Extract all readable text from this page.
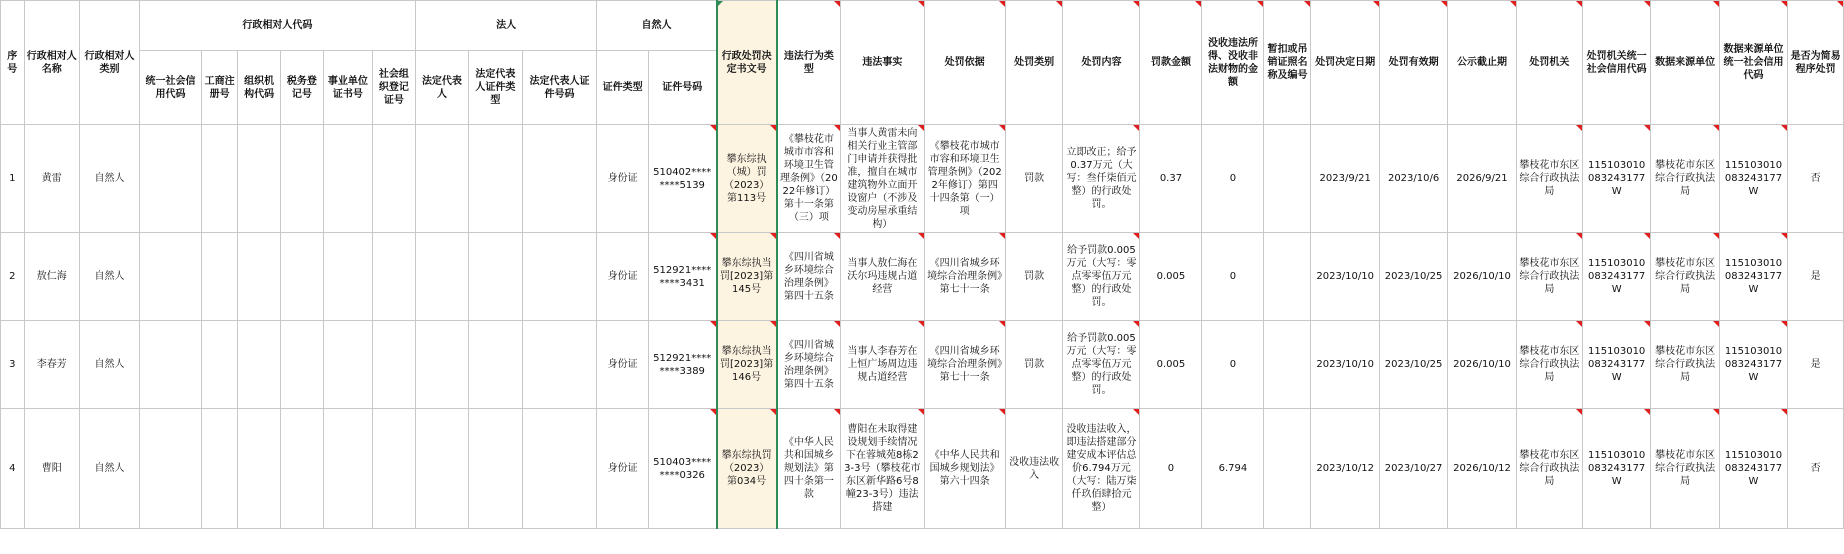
序号	行政相对人名称	行政相对人类别	行政相对人代码						法人			自然人		行政处罚决定书文号	违法行为类型	违法事实	处罚依据	处罚类别	处罚内容	罚款金额	没收违法所得、没收非法财物的金额	暂扣或吊销证照名称及编号	处罚决定日期	处罚有效期	公示截止期	处罚机关	处罚机关统一社会信用代码	数据来源单位	数据来源单位统一社会信用代码	是否为简易程序处罚
			统一社会信用代码	工商注册号	组织机构代码	税务登记号	事业单位证书号	社会组织登记证号	法定代表人	法定代表人证件类型	法定代表人证件号码	证件类型	证件号码																	
1	黄雷	自然人										身份证	510402********5139	攀东综执（城）罚（2023）第113号	《攀枝花市城市市容和环境卫生管理条例》（2022年修订）第十一条第（三）项	当事人黄雷未向相关行业主管部门申请并获得批准，擅自在城市建筑物外立面开设窗户（不涉及变动房屋承重结构）	《攀枝花市城市市容和环境卫生管理条例》（2022年修订）第四十四条第（一）项	罚款	立即改正；给予0.37万元（大写：叁仟柒佰元整）的行政处罚。	0.37	0		2023/9/21	2023/10/6	2026/9/21	攀枝花市东区综合行政执法局	115103010083243177W	攀枝花市东区综合行政执法局	115103010083243177W	否
2	敖仁海	自然人										身份证	512921********3431	攀东综执当罚[2023]第145号	《四川省城乡环境综合治理条例》第四十五条	当事人敖仁海在沃尔玛违规占道经营	《四川省城乡环境综合治理条例》第七十一条	罚款	给予罚款0.005万元（大写：零点零零伍万元整）的行政处罚。	0.005	0		2023/10/10	2023/10/25	2026/10/10	攀枝花市东区综合行政执法局	115103010083243177W	攀枝花市东区综合行政执法局	115103010083243177W	是
3	李春芳	自然人										身份证	512921********3389	攀东综执当罚[2023]第146号	《四川省城乡环境综合治理条例》第四十五条	当事人李春芳在上恒广场周边违规占道经营	《四川省城乡环境综合治理条例》第七十一条	罚款	给予罚款0.005万元（大写：零点零零伍万元整）的行政处罚。	0.005	0		2023/10/10	2023/10/25	2026/10/10	攀枝花市东区综合行政执法局	115103010083243177W	攀枝花市东区综合行政执法局	115103010083243177W	是
4	曹阳	自然人										身份证	510403********0326	攀东综执罚（2023）第034号	《中华人民共和国城乡规划法》第四十条第一款	曹阳在未取得建设规划手续情况下在蓉城苑8栋23-3号（攀枝花市东区新华路6号8幢23-3号）违法搭建	《中华人民共和国城乡规划法》第六十四条	没收违法收入	没收违法收入，即违法搭建部分建安成本评估总价6.794万元（大写：陆万柒仟玖佰肆拾元整）	0	6.794		2023/10/12	2023/10/27	2026/10/12	攀枝花市东区综合行政执法局	115103010083243177W	攀枝花市东区综合行政执法局	115103010083243177W	否
